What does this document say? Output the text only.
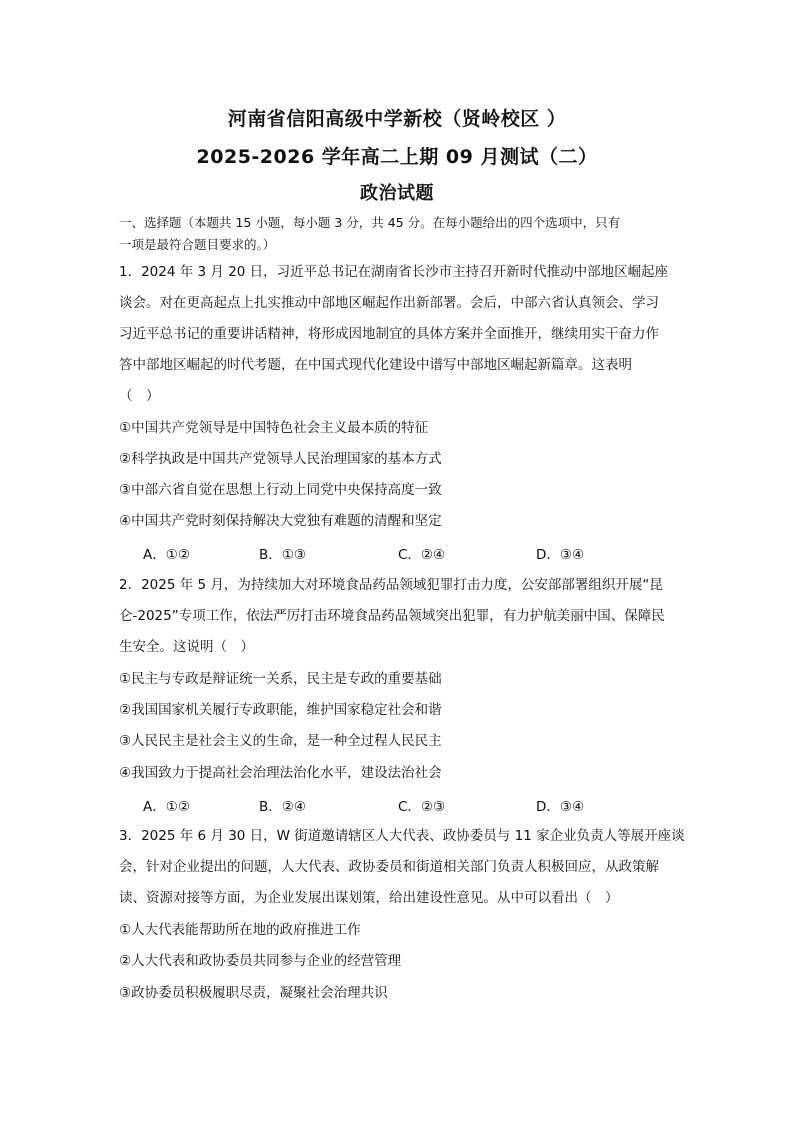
河南省信阳高级中学新校（贤岭校区 ）
2025-2026 学年高二上期 09 月测试（二）
政治试题
一、选择题（本题共 15 小题，每小题 3 分，共 45 分。在每小题给出的四个选项中，只有
一项是最符合题目要求的。）
1．2024 年 3 月 20 日，习近平总书记在湖南省长沙市主持召开新时代推动中部地区崛起座
谈会。对在更高起点上扎实推动中部地区崛起作出新部署。会后，中部六省认真领会、学习
习近平总书记的重要讲话精神，将形成因地制宜的具体方案并全面推开，继续用实干奋力作
答中部地区崛起的时代考题，在中国式现代化建设中谱写中部地区崛起新篇章。这表明
（　）
①中国共产党领导是中国特色社会主义最本质的特征
②科学执政是中国共产党领导人民治理国家的基本方式
③中部六省自觉在思想上行动上同党中央保持高度一致
④中国共产党时刻保持解决大党独有难题的清醒和坚定
A．①②	B．①③	C．②④	D．③④
2．2025 年 5 月，为持续加大对环境食品药品领域犯罪打击力度，公安部部署组织开展“昆
仑-2025”专项工作，依法严厉打击环境食品药品领域突出犯罪，有力护航美丽中国、保障民
生安全。这说明（　）
①民主与专政是辩证统一关系，民主是专政的重要基础
②我国国家机关履行专政职能，维护国家稳定社会和谐
③人民民主是社会主义的生命，是一种全过程人民民主
④我国致力于提高社会治理法治化水平，建设法治社会
A．①②	B．②④	C．②③	D．③④
3．2025 年 6 月 30 日，W 街道邀请辖区人大代表、政协委员与 11 家企业负责人等展开座谈
会，针对企业提出的问题，人大代表、政协委员和街道相关部门负责人积极回应，从政策解
读、资源对接等方面，为企业发展出谋划策，给出建设性意见。从中可以看出（　）
①人大代表能帮助所在地的政府推进工作
②人大代表和政协委员共同参与企业的经营管理
③政协委员积极履职尽责，凝聚社会治理共识
